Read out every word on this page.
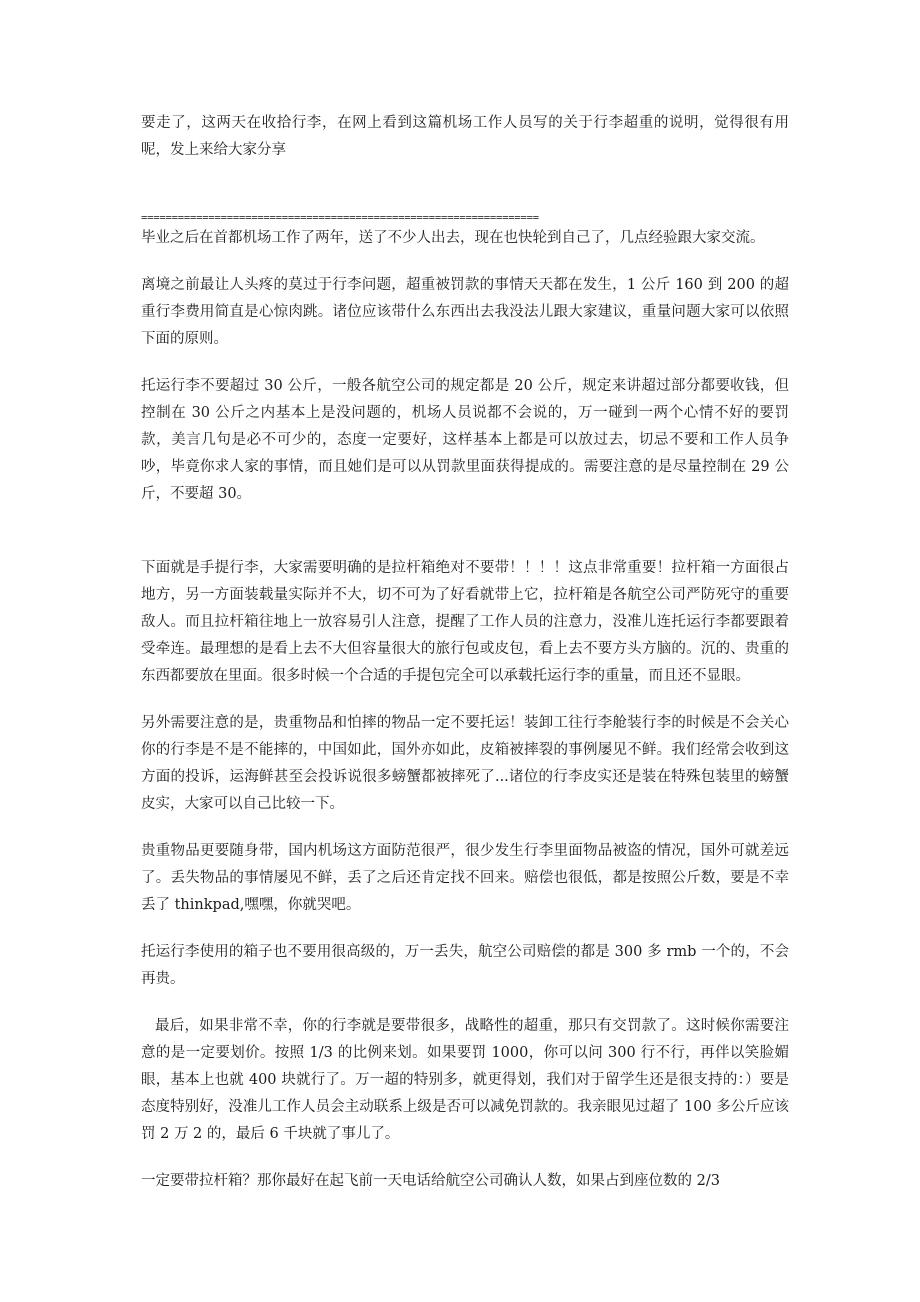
要走了，这两天在收拾行李，在网上看到这篇机场工作人员写的关于行李超重的说明，觉得很有用呢，发上来给大家分享

=================================================================

毕业之后在首都机场工作了两年，送了不少人出去，现在也快轮到自己了，几点经验跟大家交流。

离境之前最让人头疼的莫过于行李问题，超重被罚款的事情天天都在发生，1 公斤 160 到 200 的超重行李费用简直是心惊肉跳。诸位应该带什么东西出去我没法儿跟大家建议，重量问题大家可以依照下面的原则。

托运行李不要超过 30 公斤，一般各航空公司的规定都是 20 公斤，规定来讲超过部分都要收钱，但控制在 30 公斤之内基本上是没问题的，机场人员说都不会说的，万一碰到一两个心情不好的要罚款，美言几句是必不可少的，态度一定要好，这样基本上都是可以放过去，切忌不要和工作人员争吵，毕竟你求人家的事情，而且她们是可以从罚款里面获得提成的。需要注意的是尽量控制在 29 公斤，不要超 30。

下面就是手提行李，大家需要明确的是拉杆箱绝对不要带！！！！这点非常重要！拉杆箱一方面很占地方，另一方面装载量实际并不大，切不可为了好看就带上它，拉杆箱是各航空公司严防死守的重要敌人。而且拉杆箱往地上一放容易引人注意，提醒了工作人员的注意力，没准儿连托运行李都要跟着受牵连。最理想的是看上去不大但容量很大的旅行包或皮包，看上去不要方头方脑的。沉的、贵重的东西都要放在里面。很多时候一个合适的手提包完全可以承载托运行李的重量，而且还不显眼。

另外需要注意的是，贵重物品和怕摔的物品一定不要托运！装卸工往行李舱装行李的时候是不会关心你的行李是不是不能摔的，中国如此，国外亦如此，皮箱被摔裂的事例屡见不鲜。我们经常会收到这方面的投诉，运海鲜甚至会投诉说很多螃蟹都被摔死了...诸位的行李皮实还是装在特殊包装里的螃蟹皮实，大家可以自己比较一下。

贵重物品更要随身带，国内机场这方面防范很严，很少发生行李里面物品被盗的情况，国外可就差远了。丢失物品的事情屡见不鲜，丢了之后还肯定找不回来。赔偿也很低，都是按照公斤数，要是不幸丢了 thinkpad,嘿嘿，你就哭吧。

托运行李使用的箱子也不要用很高级的，万一丢失，航空公司赔偿的都是 300 多 rmb 一个的，不会再贵。

最后，如果非常不幸，你的行李就是要带很多，战略性的超重，那只有交罚款了。这时候你需要注意的是一定要划价。按照 1/3 的比例来划。如果要罚 1000，你可以问 300 行不行，再伴以笑脸媚眼，基本上也就 400 块就行了。万一超的特别多，就更得划，我们对于留学生还是很支持的：）要是态度特别好，没准儿工作人员会主动联系上级是否可以减免罚款的。我亲眼见过超了 100 多公斤应该罚 2 万 2 的，最后 6 千块就了事儿了。

一定要带拉杆箱？那你最好在起飞前一天电话给航空公司确认人数，如果占到座位数的 2/3
